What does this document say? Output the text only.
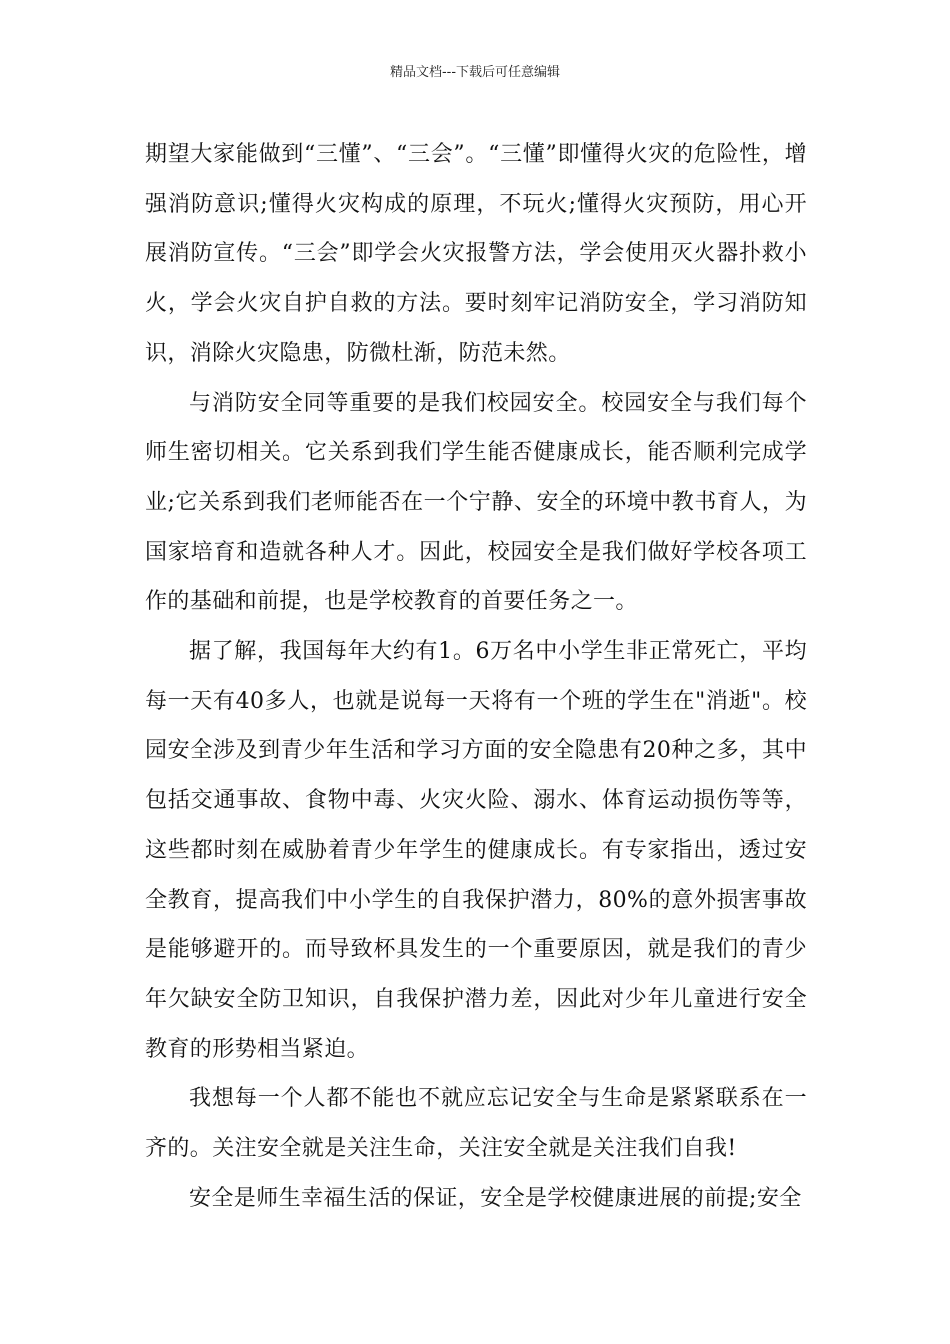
精品文档---下载后可任意编辑

期望大家能做到“三懂”、“三会”。“三懂”即懂得火灾的危险性，增强消防意识;懂得火灾构成的原理，不玩火;懂得火灾预防，用心开展消防宣传。“三会”即学会火灾报警方法，学会使用灭火器扑救小火，学会火灾自护自救的方法。要时刻牢记消防安全，学习消防知识，消除火灾隐患，防微杜渐，防范未然。

与消防安全同等重要的是我们校园安全。校园安全与我们每个师生密切相关。它关系到我们学生能否健康成长，能否顺利完成学业;它关系到我们老师能否在一个宁静、安全的环境中教书育人，为国家培育和造就各种人才。因此，校园安全是我们做好学校各项工作的基础和前提，也是学校教育的首要任务之一。

据了解，我国每年大约有1。6万名中小学生非正常死亡，平均每一天有40多人，也就是说每一天将有一个班的学生在"消逝"。校园安全涉及到青少年生活和学习方面的安全隐患有20种之多，其中包括交通事故、食物中毒、火灾火险、溺水、体育运动损伤等等，这些都时刻在威胁着青少年学生的健康成长。有专家指出，透过安全教育，提高我们中小学生的自我保护潜力，80%的意外损害事故是能够避开的。而导致杯具发生的一个重要原因，就是我们的青少年欠缺安全防卫知识，自我保护潜力差，因此对少年儿童进行安全教育的形势相当紧迫。

我想每一个人都不能也不就应忘记安全与生命是紧紧联系在一齐的。关注安全就是关注生命，关注安全就是关注我们自我!

安全是师生幸福生活的保证，安全是学校健康进展的前提;安全
